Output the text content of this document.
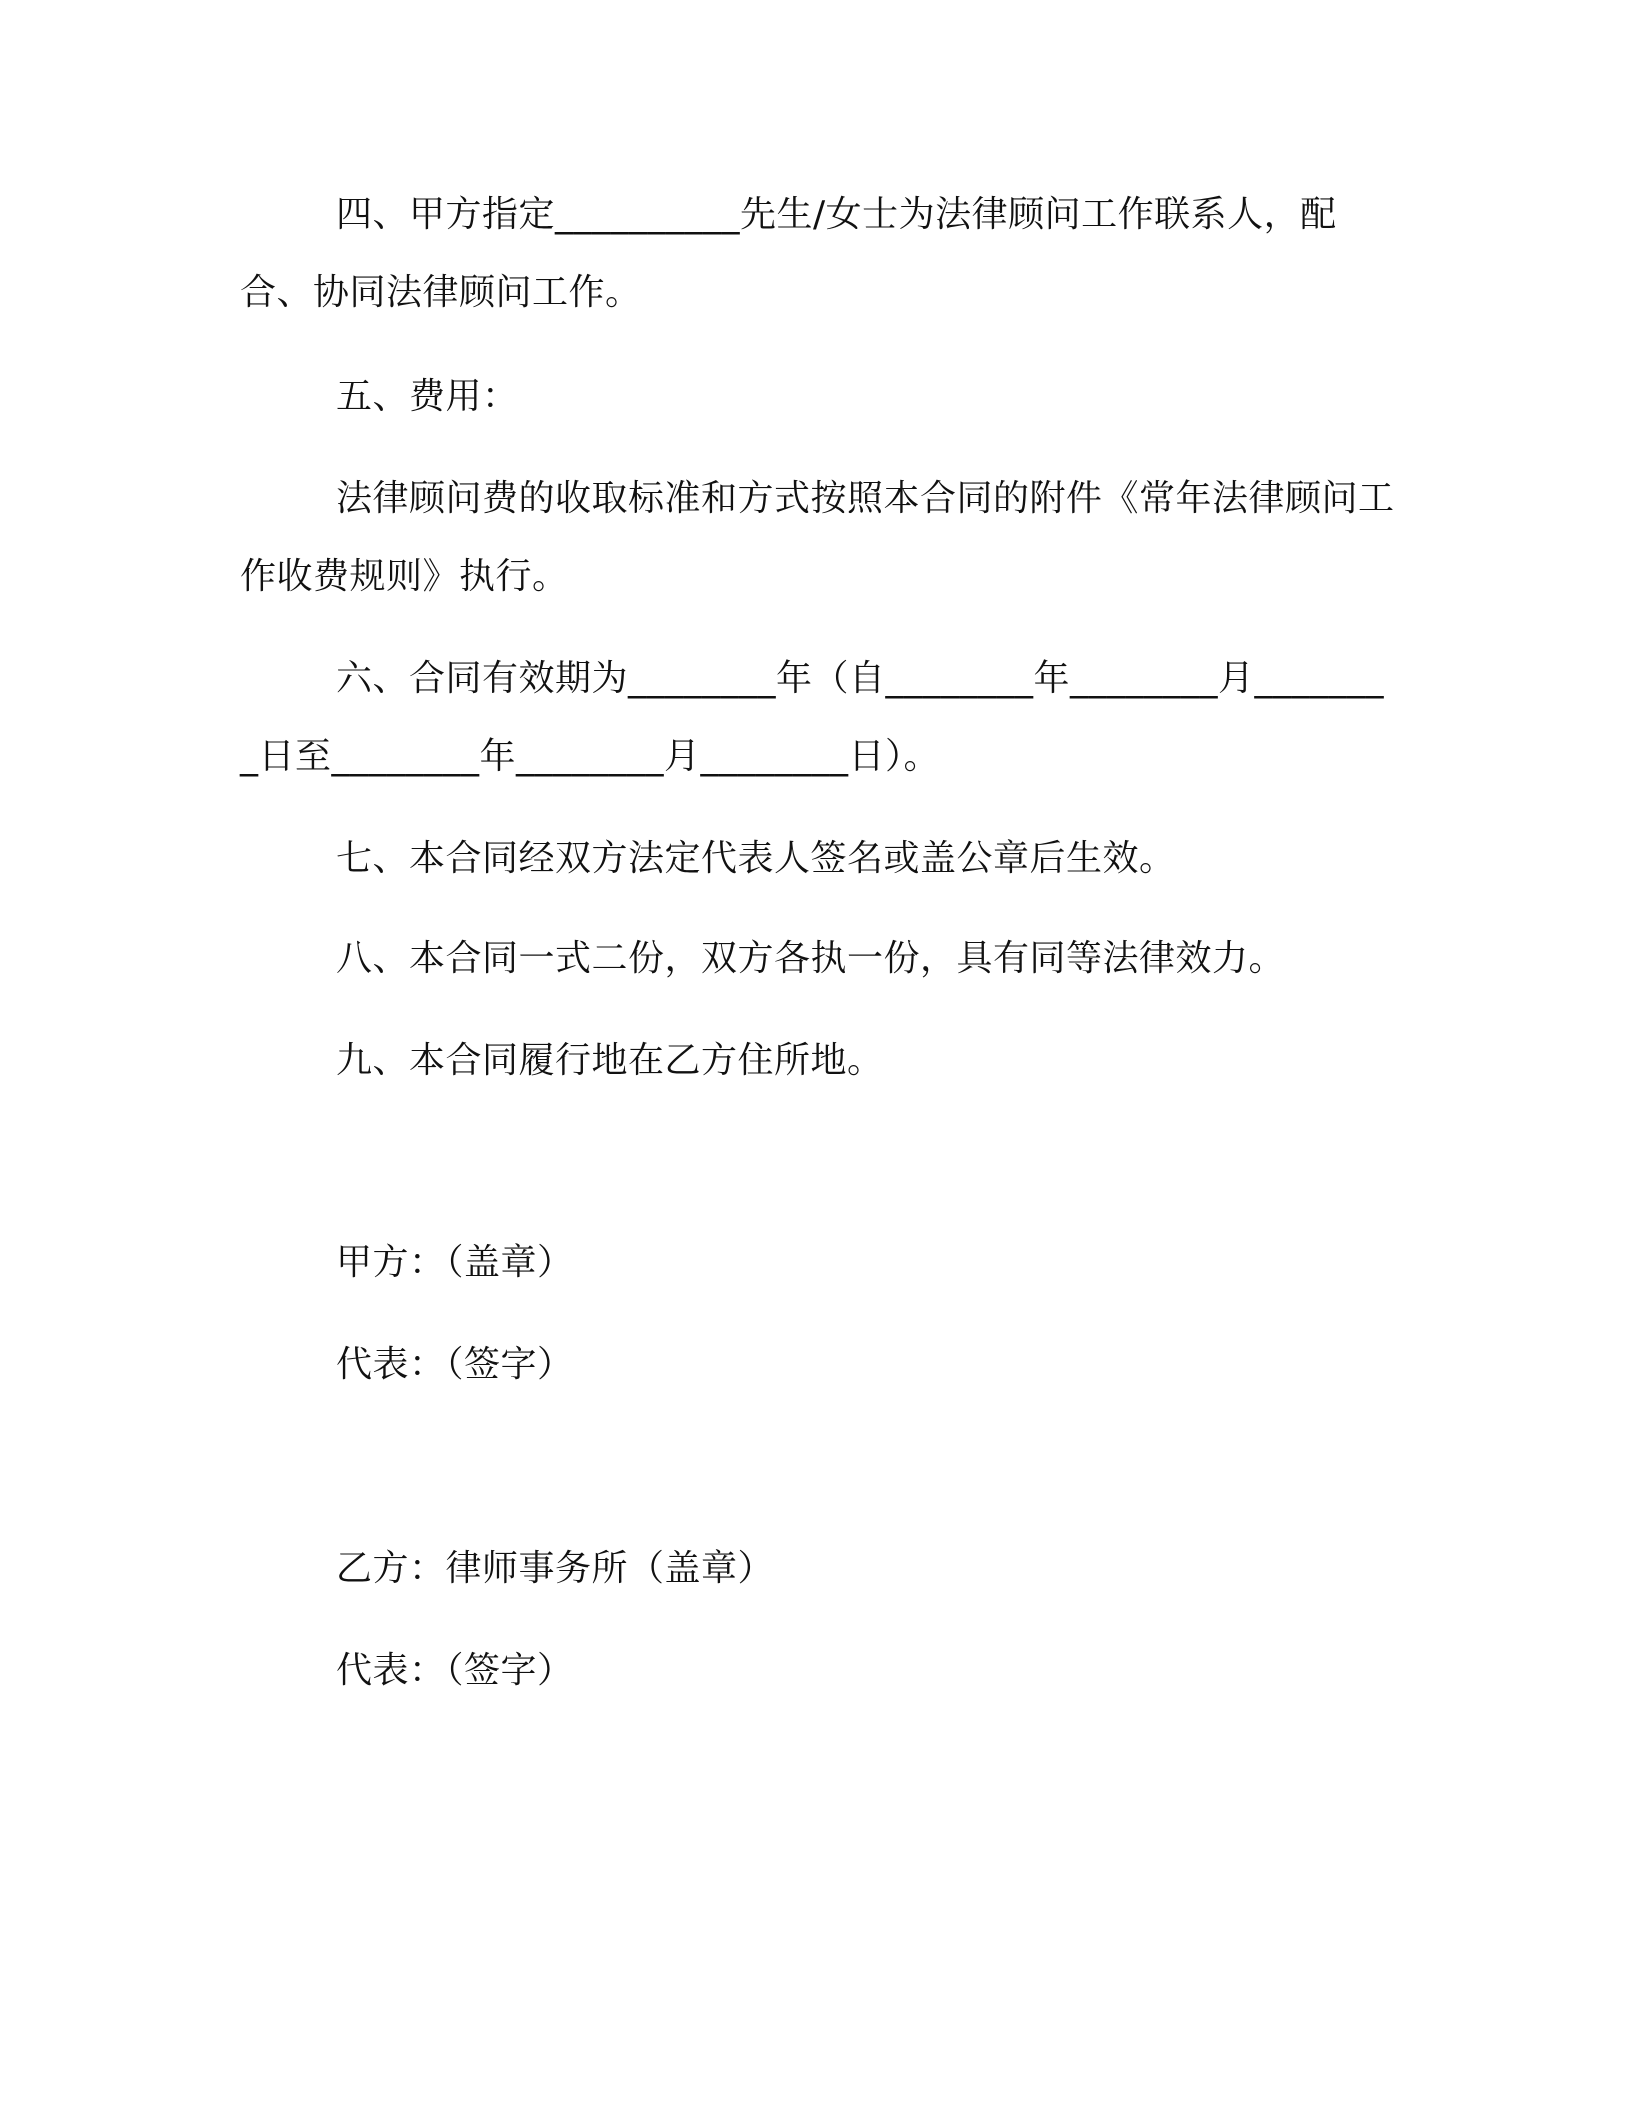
四、甲方指定__________先生/女士为法律顾问工作联系人，配合、协同法律顾问工作。
五、费用：
法律顾问费的收取标准和方式按照本合同的附件《常年法律顾问工作收费规则》执行。
六、合同有效期为________年（自________年________月________日至________年________月________日）。
七、本合同经双方法定代表人签名或盖公章后生效。
八、本合同一式二份，双方各执一份，具有同等法律效力。
九、本合同履行地在乙方住所地。
甲方：（盖章）
代表：（签字）
乙方：律师事务所（盖章）
代表：（签字）
